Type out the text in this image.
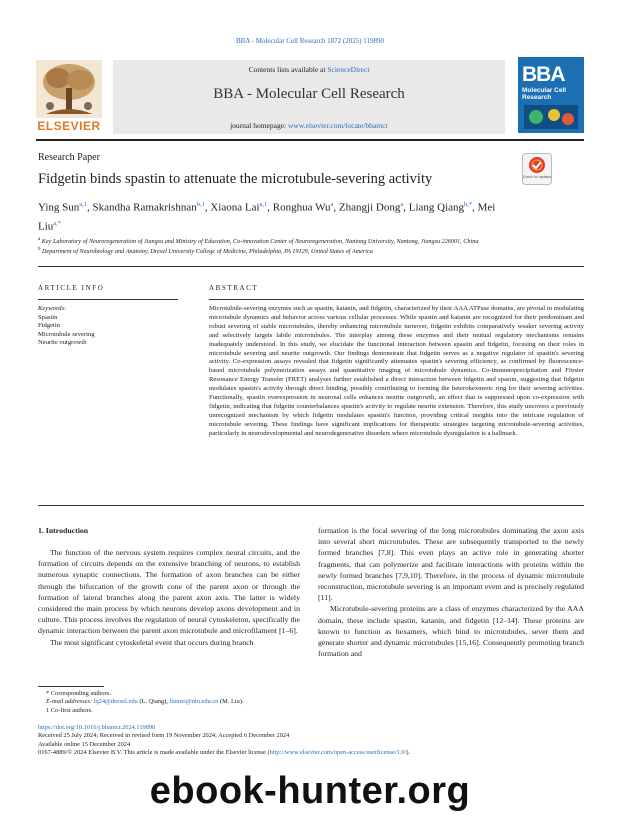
BBA - Molecular Cell Research 1872 (2025) 119890
ELSEVIER
Contents lists available at ScienceDirect
BBA - Molecular Cell Research
journal homepage: www.elsevier.com/locate/bbamcr
BBA
Molecular Cell Research
Research Paper
Fidgetin binds spastin to attenuate the microtubule-severing activity	Check for updates
Ying Sun$^{a,1}$, Skandha Ramakrishnan$^{b,1}$, Xiaona Lai$^{a,1}$, Ronghua Wu$^a$, Zhangji Dong$^a$, Liang Qiang$^{b,*}$, Mei Liu$^{a,*}$
$^a$ Key Laboratory of Neuroregeneration of Jiangsu and Ministry of Education, Co-innovation Center of Neuroregeneration, Nantong University, Nantong, Jiangsu 226001, China
$^b$ Department of Neurobiology and Anatomy, Drexel University College of Medicine, Philadelphia, PA 19129, United States of America
ARTICLE INFO
Keywords:
Spastin
Fidgetin
Microtubule severing
Neurite outgrowth
ABSTRACT
Microtubule-severing enzymes such as spastin, katanin, and fidgetin, characterized by their AAA ATPase domains, are pivotal in modulating microtubule dynamics and behavior across various cellular processes. While spastin and katanin are recognized for their predominant and robust severing of stable microtubules, thereby enhancing microtubule turnover, fidgetin exhibits comparatively weaker severing activity and selectively targets labile microtubules. The interplay among these enzymes and their mutual regulatory mechanisms remains inadequately understood. In this study, we elucidate the functional interaction between spastin and fidgetin, focusing on their roles in microtubule severing and neurite outgrowth. Our findings demonstrate that fidgetin serves as a negative regulator of spastin's severing activity. Co-expression assays revealed that fidgetin significantly attenuates spastin's severing efficiency, as confirmed by fluorescence-based microtubule polymerization assays and quantitative imaging of microtubule dynamics. Co-immunoprecipitation and Förster Resonance Energy Transfer (FRET) analyses further established a direct interaction between fidgetin and spastin, suggesting that fidgetin modulates spastin's activity through direct binding, possibly contributing to forming the heterohexmeric ring for their severing activities. Functionally, spastin overexpression in neuronal cells enhances neurite outgrowth, an effect that is suppressed upon co-expression with fidgetin, indicating that fidgetin counterbalances spastin's activity to regulate neurite extension. Therefore, this study uncovers a previously unrecognized mechanism by which fidgetin modulates spastin's function, providing critical insights into the intricate regulation of microtubule severing. These findings have significant implications for therapeutic strategies targeting microtubule-severing activities, particularly in neurodevelopmental and neurodegenerative disorders where microtubule dysregulation is a hallmark.
1. Introduction

The function of the nervous system requires complex neural circuits, and the formation of circuits depends on the extensive branching of neurons, to establish numerous synaptic connections. The formation of axon branches can be either through the bifurcation of the growth cone of the parent axon or through the formation of lateral branches along the parent axon axis. The latter is widely considered the main process by which neurons develop axons development and in culture. This process involves the regulation of neural cytoskeleton, specifically the dynamic interaction between the parent axon microtubule and microfilament [1–6].

The most significant cytoskeletal event that occurs during branch

formation is the focal severing of the long microtubules dominating the axon axis into several short microtubules. These are subsequently transported to the newly formed branches [7,8]. This even plays an active role in generating shorter fragments, that can polymerize and facilitate interactions with proteins within the newly formed branches [7,9,10]. Therefore, in the process of dynamic microtubule reconstruction, microtubule severing is an important event and is precisely regulated [11].

Microtubule-severing proteins are a class of enzymes characterized by the AAA domain, these include spastin, katanin, and fidgetin [12–14]. These proteins are known to function as hexamers, which bind to microtubules, sever them and generate shorter and dynamic microtubules [15,16]. Consequently promoting branch formation and

* Corresponding authors.
E-mail addresses: lq24@drexel.edu (L. Qiang), liumei@ntu.edu.cn (M. Liu).
1 Co-first authors.
https://doi.org/10.1016/j.bbamcr.2024.119890
Received 25 July 2024; Received in revised form 19 November 2024; Accepted 6 December 2024
Available online 15 December 2024
0167-4889/© 2024 Elsevier B.V. This article is made available under the Elsevier license (http://www.elsevier.com/open-access/userlicense/1.0/).
ebook-hunter.org
